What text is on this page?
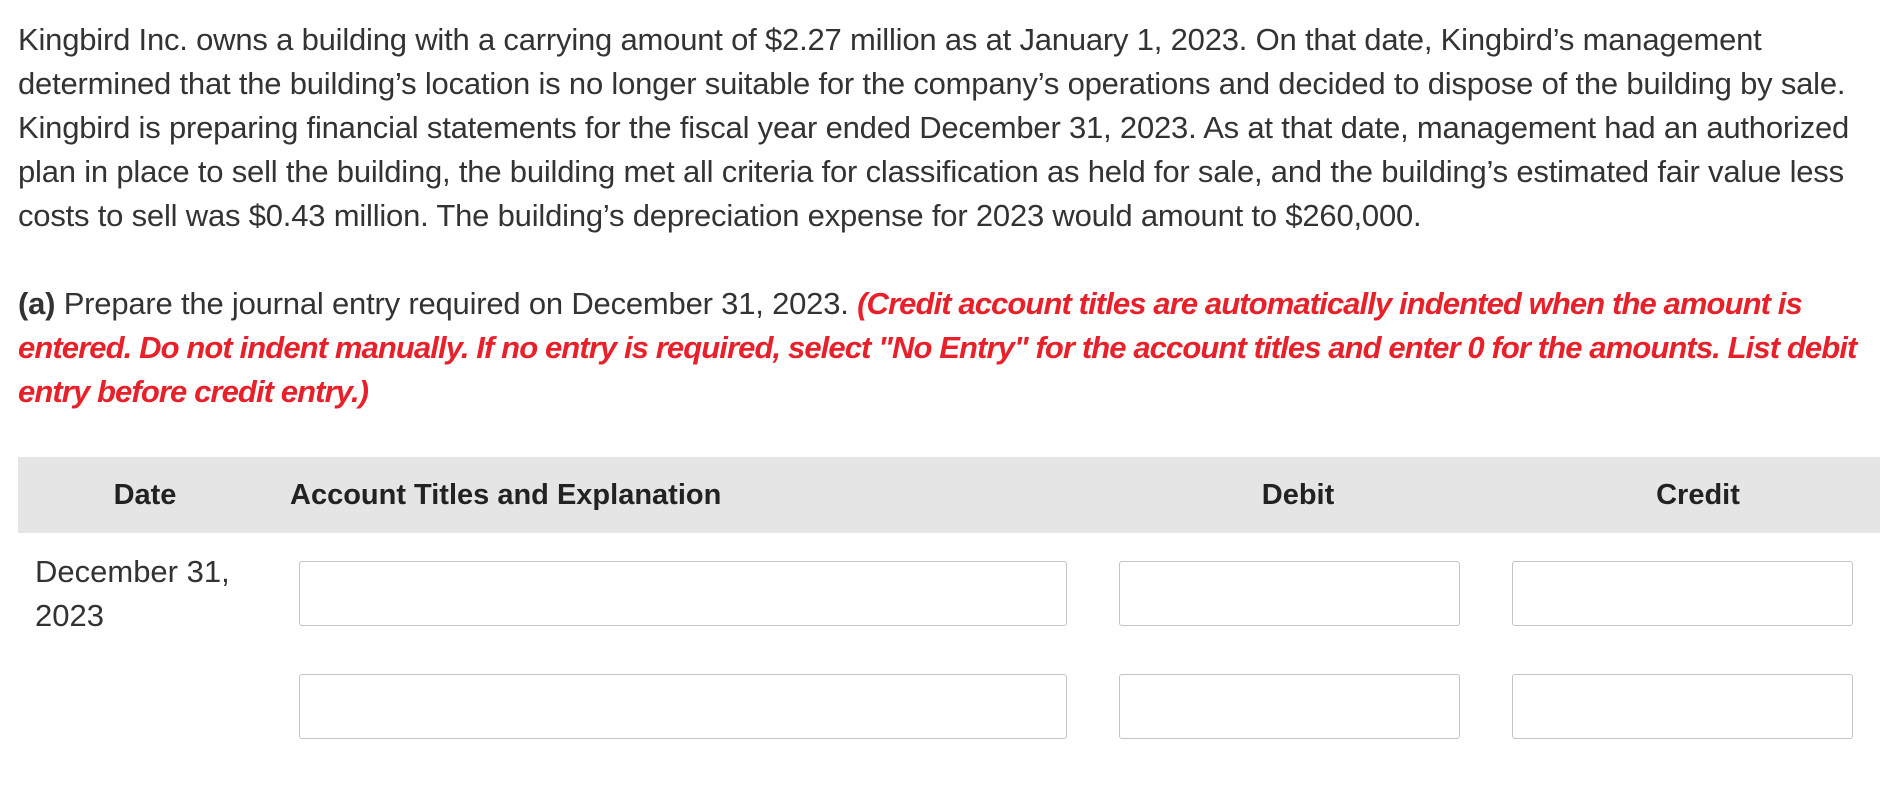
Kingbird Inc. owns a building with a carrying amount of $2.27 million as at January 1, 2023. On that date, Kingbird’s management determined that the building’s location is no longer suitable for the company’s operations and decided to dispose of the building by sale. Kingbird is preparing financial statements for the fiscal year ended December 31, 2023. As at that date, management had an authorized plan in place to sell the building, the building met all criteria for classification as held for sale, and the building’s estimated fair value less costs to sell was $0.43 million. The building’s depreciation expense for 2023 would amount to $260,000.

(a) Prepare the journal entry required on December 31, 2023. (Credit account titles are automatically indented when the amount is entered. Do not indent manually. If no entry is required, select "No Entry" for the account titles and enter 0 for the amounts. List debit entry before credit entry.)

Date	Account Titles and Explanation	Debit	Credit
December 31, 2023
